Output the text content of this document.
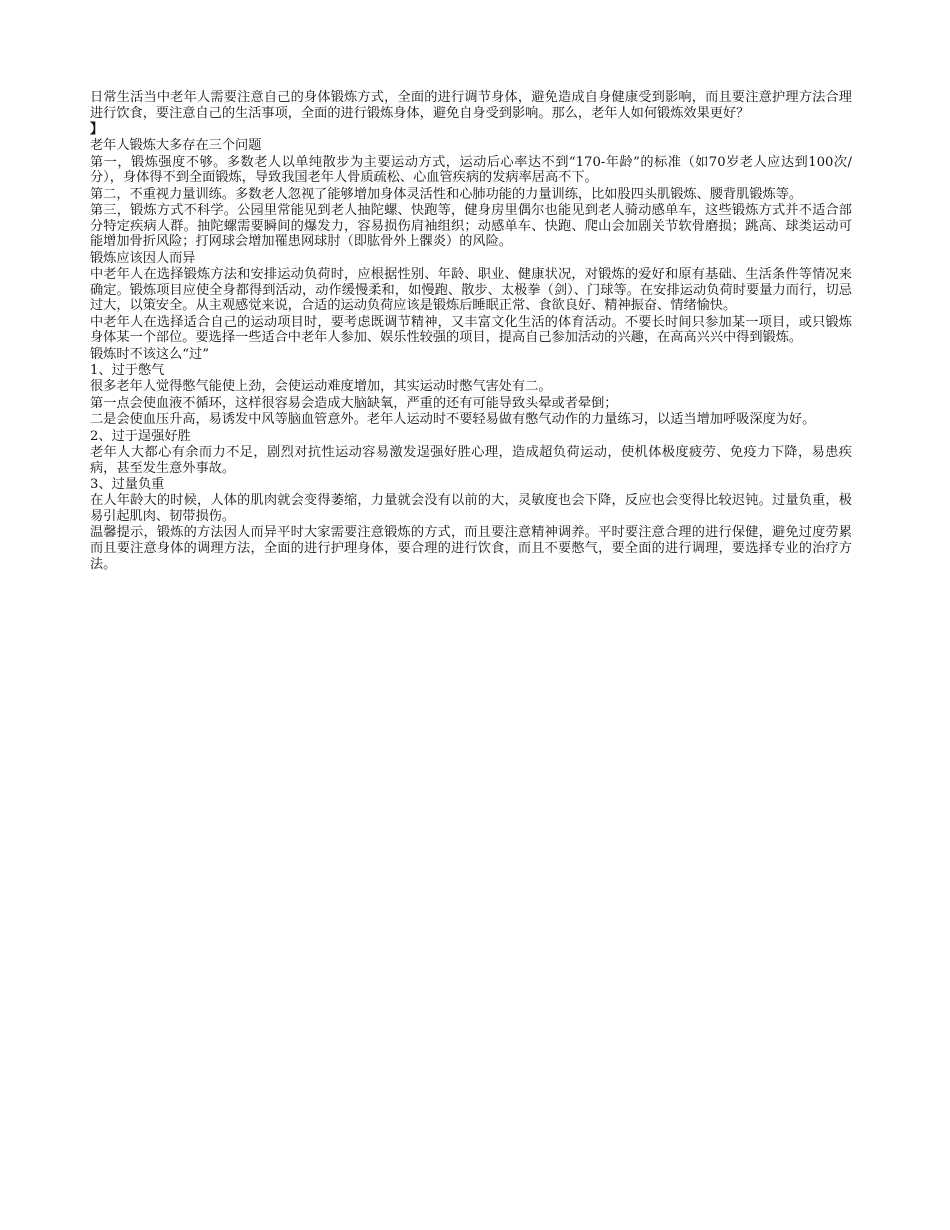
日常生活当中老年人需要注意自己的身体锻炼方式，全面的进行调节身体，避免造成自身健康受到影响，而且要注意护理方法合理进行饮食，要注意自己的生活事项，全面的进行锻炼身体，避免自身受到影响。那么，老年人如何锻炼效果更好？

】

老年人锻炼大多存在三个问题

第一，锻炼强度不够。多数老人以单纯散步为主要运动方式，运动后心率达不到“170-年龄”的标准（如70岁老人应达到100次/分），身体得不到全面锻炼，导致我国老年人骨质疏松、心血管疾病的发病率居高不下。

第二，不重视力量训练。多数老人忽视了能够增加身体灵活性和心肺功能的力量训练，比如股四头肌锻炼、腰背肌锻炼等。

第三，锻炼方式不科学。公园里常能见到老人抽陀螺、快跑等，健身房里偶尔也能见到老人骑动感单车，这些锻炼方式并不适合部分特定疾病人群。抽陀螺需要瞬间的爆发力，容易损伤肩袖组织；动感单车、快跑、爬山会加剧关节软骨磨损；跳高、球类运动可能增加骨折风险；打网球会增加罹患网球肘（即肱骨外上髁炎）的风险。

锻炼应该因人而异

中老年人在选择锻炼方法和安排运动负荷时，应根据性别、年龄、职业、健康状况，对锻炼的爱好和原有基础、生活条件等情况来确定。锻炼项目应使全身都得到活动，动作缓慢柔和，如慢跑、散步、太极拳（剑）、门球等。在安排运动负荷时要量力而行，切忌过大，以策安全。从主观感觉来说，合适的运动负荷应该是锻炼后睡眠正常、食欲良好、精神振奋、情绪愉快。

中老年人在选择适合自己的运动项目时，要考虑既调节精神，又丰富文化生活的体育活动。不要长时间只参加某一项目，或只锻炼身体某一个部位。要选择一些适合中老年人参加、娱乐性较强的项目，提高自己参加活动的兴趣，在高高兴兴中得到锻炼。

锻炼时不该这么“过”

1、过于憋气

很多老年人觉得憋气能使上劲，会使运动难度增加，其实运动时憋气害处有二。

第一点会使血液不循环，这样很容易会造成大脑缺氧，严重的还有可能导致头晕或者晕倒；

二是会使血压升高，易诱发中风等脑血管意外。老年人运动时不要轻易做有憋气动作的力量练习，以适当增加呼吸深度为好。

2、过于逞强好胜

老年人大都心有余而力不足，剧烈对抗性运动容易激发逞强好胜心理，造成超负荷运动，使机体极度疲劳、免疫力下降，易患疾病，甚至发生意外事故。

3、过量负重

在人年龄大的时候，人体的肌肉就会变得萎缩，力量就会没有以前的大，灵敏度也会下降，反应也会变得比较迟钝。过量负重，极易引起肌肉、韧带损伤。

温馨提示，锻炼的方法因人而异平时大家需要注意锻炼的方式，而且要注意精神调养。平时要注意合理的进行保健，避免过度劳累而且要注意身体的调理方法，全面的进行护理身体，要合理的进行饮食，而且不要憋气，要全面的进行调理，要选择专业的治疗方法。
